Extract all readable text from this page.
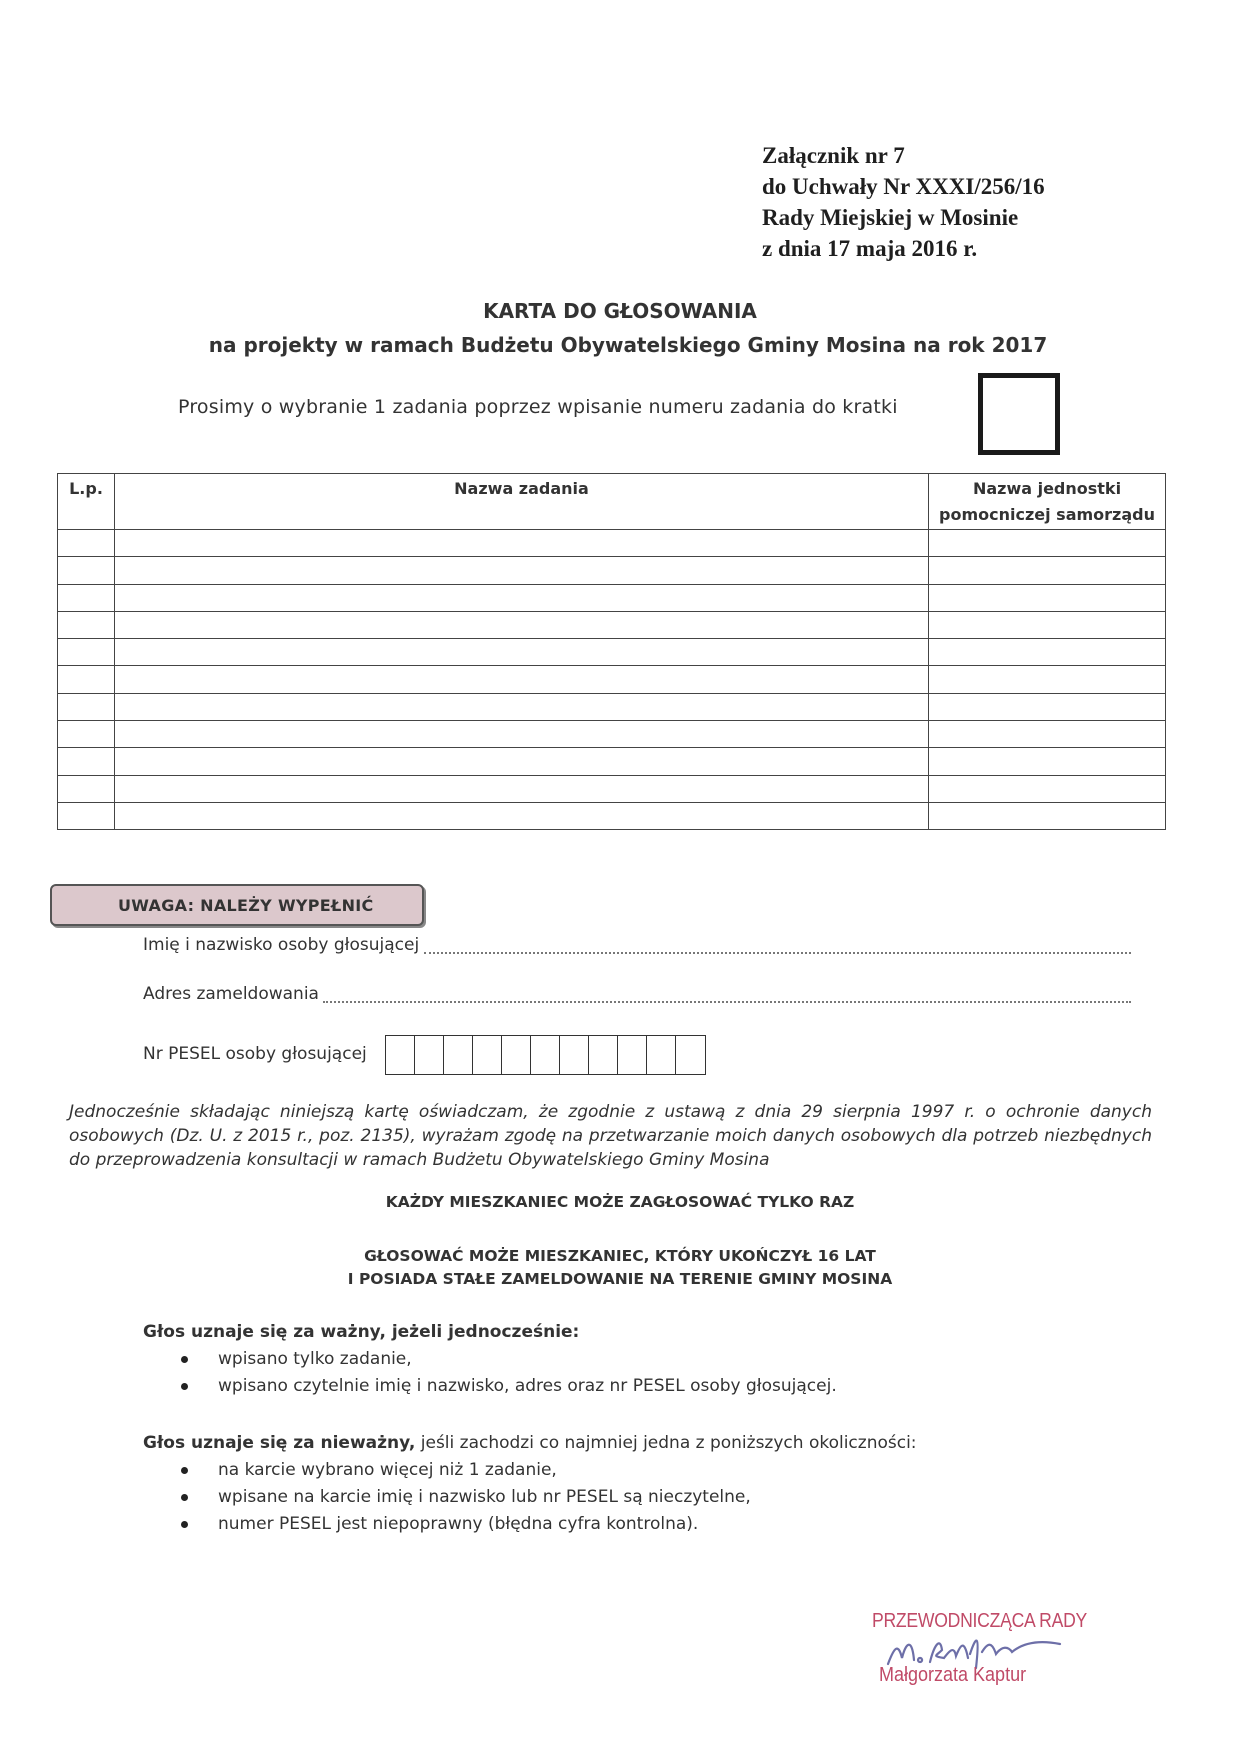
Załącznik nr 7
do Uchwały Nr XXXI/256/16
Rady Miejskiej w Mosinie
z dnia 17 maja 2016 r.
KARTA DO GŁOSOWANIA
na projekty w ramach Budżetu Obywatelskiego Gminy Mosina na rok 2017
Prosimy o wybranie 1 zadania poprzez wpisanie numeru zadania do kratki
L.p.	Nazwa zadania	Nazwa jednostki pomocniczej samorządu

UWAGA: NALEŻY WYPEŁNIĆ
Imię i nazwisko osoby głosującej
Adres zameldowania
Nr PESEL osoby głosującej
Jednocześnie składając niniejszą kartę oświadczam, że zgodnie z ustawą z dnia 29 sierpnia 1997 r. o ochronie danych osobowych (Dz. U. z 2015 r., poz. 2135), wyrażam zgodę na przetwarzanie moich danych osobowych dla potrzeb niezbędnych do przeprowadzenia konsultacji w ramach Budżetu Obywatelskiego Gminy Mosina
KAŻDY MIESZKANIEC MOŻE ZAGŁOSOWAĆ TYLKO RAZ
GŁOSOWAĆ MOŻE MIESZKANIEC, KTÓRY UKOŃCZYŁ 16 LAT
I POSIADA STAŁE ZAMELDOWANIE NA TERENIE GMINY MOSINA
Głos uznaje się za ważny, jeżeli jednocześnie:
wpisano tylko zadanie,
wpisano czytelnie imię i nazwisko, adres oraz nr PESEL osoby głosującej.
Głos uznaje się za nieważny, jeśli zachodzi co najmniej jedna z poniższych okoliczności:
na karcie wybrano więcej niż 1 zadanie,
wpisane na karcie imię i nazwisko lub nr PESEL są nieczytelne,
numer PESEL jest niepoprawny (błędna cyfra kontrolna).
PRZEWODNICZĄCA RADY
Małgorzata Kaptur
